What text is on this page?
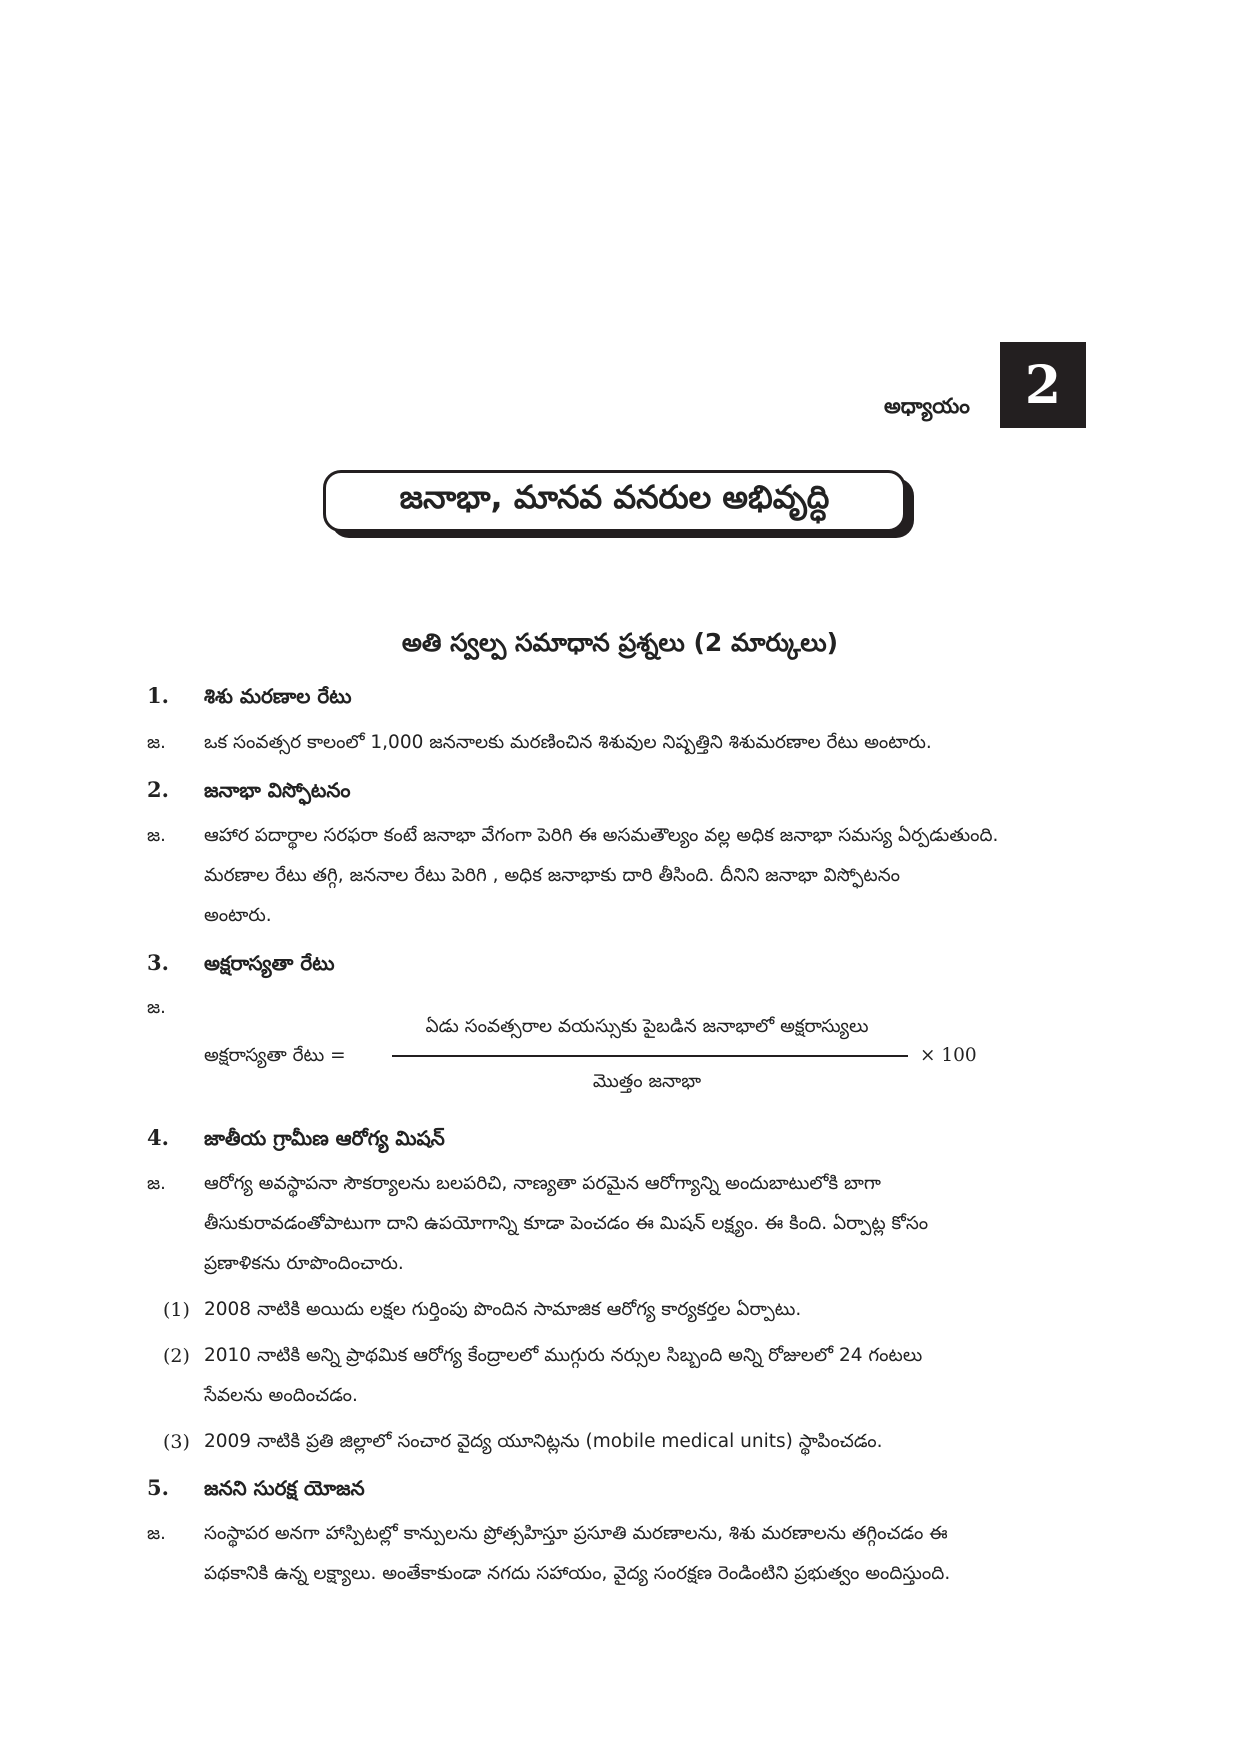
అధ్యాయం	2
జనాభా, మానవ వనరుల అభివృద్ధి
అతి స్వల్ప సమాధాన ప్రశ్నలు (2 మార్కులు)
1. శిశు మరణాల రేటు
జ. ఒక సంవత్సర కాలంలో 1,000 జననాలకు మరణించిన శిశువుల నిష్పత్తిని శిశుమరణాల రేటు అంటారు.
2. జనాభా విస్ఫోటనం
జ. ఆహార పదార్థాల సరఫరా కంటే జనాభా వేగంగా పెరిగి ఈ అసమతౌల్యం వల్ల అధిక జనాభా సమస్య ఏర్పడుతుంది.
మరణాల రేటు తగ్గి, జననాల రేటు పెరిగి , అధిక జనాభాకు దారి తీసింది. దీనిని జనాభా విస్ఫోటనం
అంటారు.
3. అక్షరాస్యతా రేటు
జ.
ఏడు సంవత్సరాల వయస్సుకు పైబడిన జనాభాలో అక్షరాస్యులు
అక్షరాస్యతా రేటు =	× 100
మొత్తం జనాభా
4. జాతీయ గ్రామీణ ఆరోగ్య మిషన్
జ. ఆరోగ్య అవస్థాపనా సౌకర్యాలను బలపరిచి, నాణ్యతా పరమైన ఆరోగ్యాన్ని అందుబాటులోకి బాగా
తీసుకురావడంతోపాటుగా దాని ఉపయోగాన్ని కూడా పెంచడం ఈ మిషన్ లక్ష్యం. ఈ కింది. ఏర్పాట్ల కోసం
ప్రణాళికను రూపొందించారు.
(1) 2008 నాటికి అయిదు లక్షల గుర్తింపు పొందిన సామాజిక ఆరోగ్య కార్యకర్తల ఏర్పాటు.
(2) 2010 నాటికి అన్ని ప్రాథమిక ఆరోగ్య కేంద్రాలలో ముగ్గురు నర్సుల సిబ్బంది అన్ని రోజులలో 24 గంటలు
సేవలను అందించడం.
(3) 2009 నాటికి ప్రతి జిల్లాలో సంచార వైద్య యూనిట్లను (mobile medical units) స్థాపించడం.
5. జనని సురక్ష యోజన
జ. సంస్థాపర అనగా హాస్పిటల్లో కాన్పులను ప్రోత్సహిస్తూ ప్రసూతి మరణాలను, శిశు మరణాలను తగ్గించడం ఈ
పథకానికి ఉన్న లక్ష్యాలు. అంతేకాకుండా నగదు సహాయం, వైద్య సంరక్షణ రెండింటిని ప్రభుత్వం అందిస్తుంది.
